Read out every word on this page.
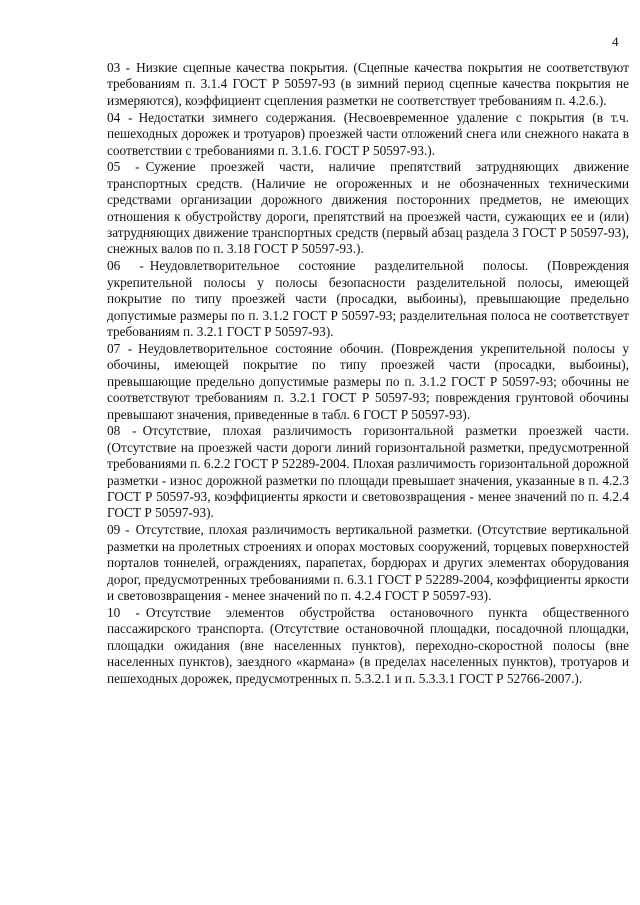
4

03 - Низкие сцепные качества покрытия. (Сцепные качества покрытия не соответствуют требованиям п. 3.1.4 ГОСТ Р 50597-93 (в зимний период сцепные качества покрытия не измеряются), коэффициент сцепления разметки не соответствует требованиям п. 4.2.6.).

04 - Недостатки зимнего содержания. (Несвоевременное удаление с покрытия (в т.ч. пешеходных дорожек и тротуаров) проезжей части отложений снега или снежного наката в соответствии с требованиями п. 3.1.6. ГОСТ Р 50597-93.).

05 - Сужение проезжей части, наличие препятствий затрудняющих движение транспортных средств. (Наличие не огороженных и не обозначенных техническими средствами организации дорожного движения посторонних предметов, не имеющих отношения к обустройству дороги, препятствий на проезжей части, сужающих ее и (или) затрудняющих движение транспортных средств (первый абзац раздела 3 ГОСТ Р 50597-93), снежных валов по п. 3.18 ГОСТ Р 50597-93.).

06 - Неудовлетворительное состояние разделительной полосы. (Повреждения укрепительной полосы у полосы безопасности разделительной полосы, имеющей покрытие по типу проезжей части (просадки, выбоины), превышающие предельно допустимые размеры по п. 3.1.2 ГОСТ Р 50597-93; разделительная полоса не соответствует требованиям п. 3.2.1 ГОСТ Р 50597-93).

07 - Неудовлетворительное состояние обочин. (Повреждения укрепительной полосы у обочины, имеющей покрытие по типу проезжей части (просадки, выбоины), превышающие предельно допустимые размеры по п. 3.1.2 ГОСТ Р 50597-93; обочины не соответствуют требованиям п. 3.2.1 ГОСТ Р 50597-93; повреждения грунтовой обочины превышают значения, приведенные в табл. 6 ГОСТ Р 50597-93).

08 - Отсутствие, плохая различимость горизонтальной разметки проезжей части. (Отсутствие на проезжей части дороги линий горизонтальной разметки, предусмотренной требованиями п. 6.2.2 ГОСТ Р 52289-2004. Плохая различимость горизонтальной дорожной разметки - износ дорожной разметки по площади превышает значения, указанные в п. 4.2.3 ГОСТ Р 50597-93, коэффициенты яркости и световозвращения - менее значений по п. 4.2.4 ГОСТ Р 50597-93).

09 - Отсутствие, плохая различимость вертикальной разметки. (Отсутствие вертикальной разметки на пролетных строениях и опорах мостовых сооружений, торцевых поверхностей порталов тоннелей, ограждениях, парапетах, бордюрах и других элементах оборудования дорог, предусмотренных требованиями п. 6.3.1 ГОСТ Р 52289-2004, коэффициенты яркости и световозвращения - менее значений по п. 4.2.4 ГОСТ Р 50597-93).

10 - Отсутствие элементов обустройства остановочного пункта общественного пассажирского транспорта. (Отсутствие остановочной площадки, посадочной площадки, площадки ожидания (вне населенных пунктов), переходно-скоростной полосы (вне населенных пунктов), заездного «кармана» (в пределах населенных пунктов), тротуаров и пешеходных дорожек, предусмотренных п. 5.3.2.1 и п. 5.3.3.1 ГОСТ Р 52766-2007.).
